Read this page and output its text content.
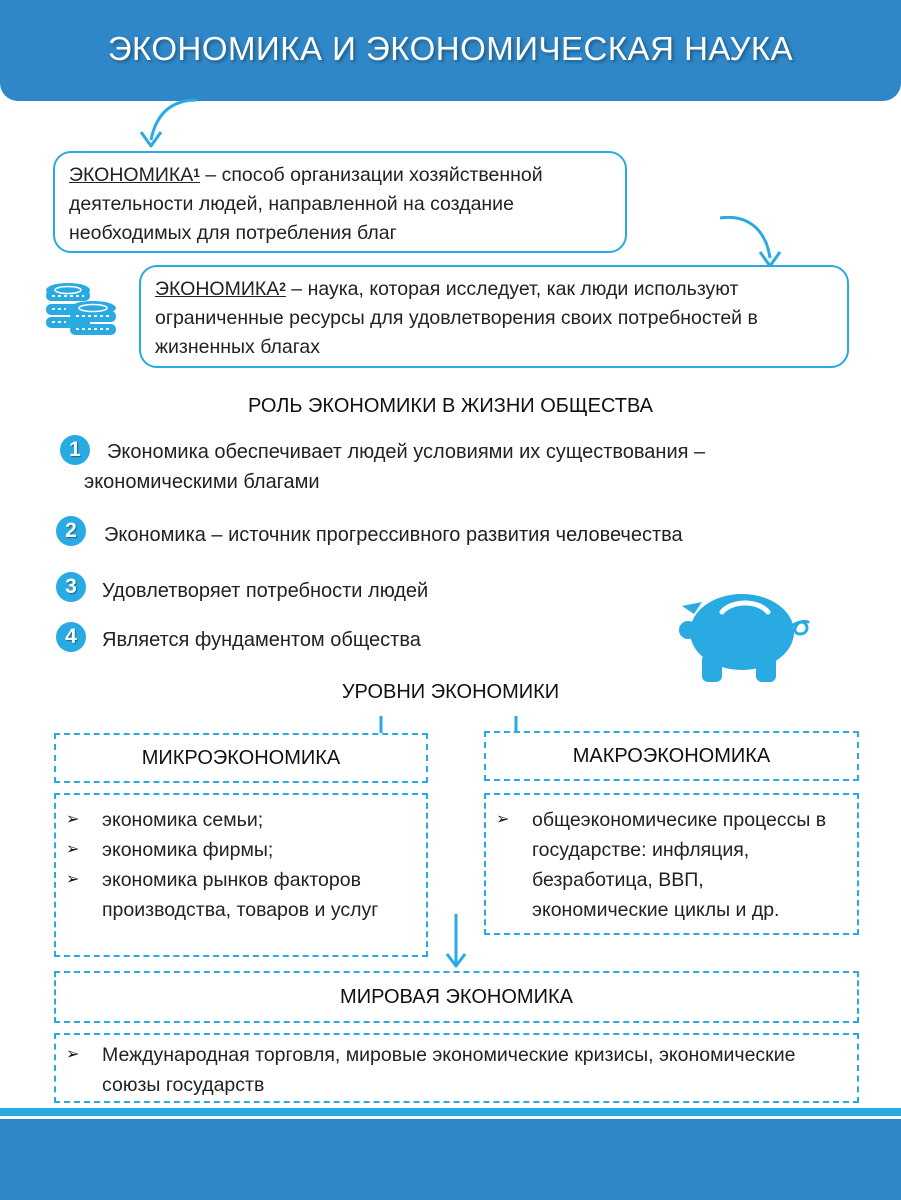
ЭКОНОМИКА И ЭКОНОМИЧЕСКАЯ НАУКА
ЭКОНОМИКА$^1$ – способ организации хозяйственной деятельности людей, направленной на создание необходимых для потребления благ
ЭКОНОМИКА$^2$ – наука, которая исследует, как люди используют ограниченные ресурсы для удовлетворения своих потребностей в жизненных благах
РОЛЬ ЭКОНОМИКИ В ЖИЗНИ ОБЩЕСТВА
1	Экономика обеспечивает людей условиями их существования –
экономическими благами
2	Экономика – источник прогрессивного развития человечества
3	Удовлетворяет потребности людей
4	Является фундаментом общества
УРОВНИ ЭКОНОМИКИ
МИКРОЭКОНОМИКА	МАКРОЭКОНОМИКА
➢ экономика семьи;
➢ экономика фирмы;
➢ экономика рынков факторов производства, товаров и услуг
➢ общеэкономичесике процессы в государстве: инфляция, безработица, ВВП, экономические циклы и др.
МИРОВАЯ ЭКОНОМИКА
➢ Международная торговля, мировые экономические кризисы, экономические союзы государств
